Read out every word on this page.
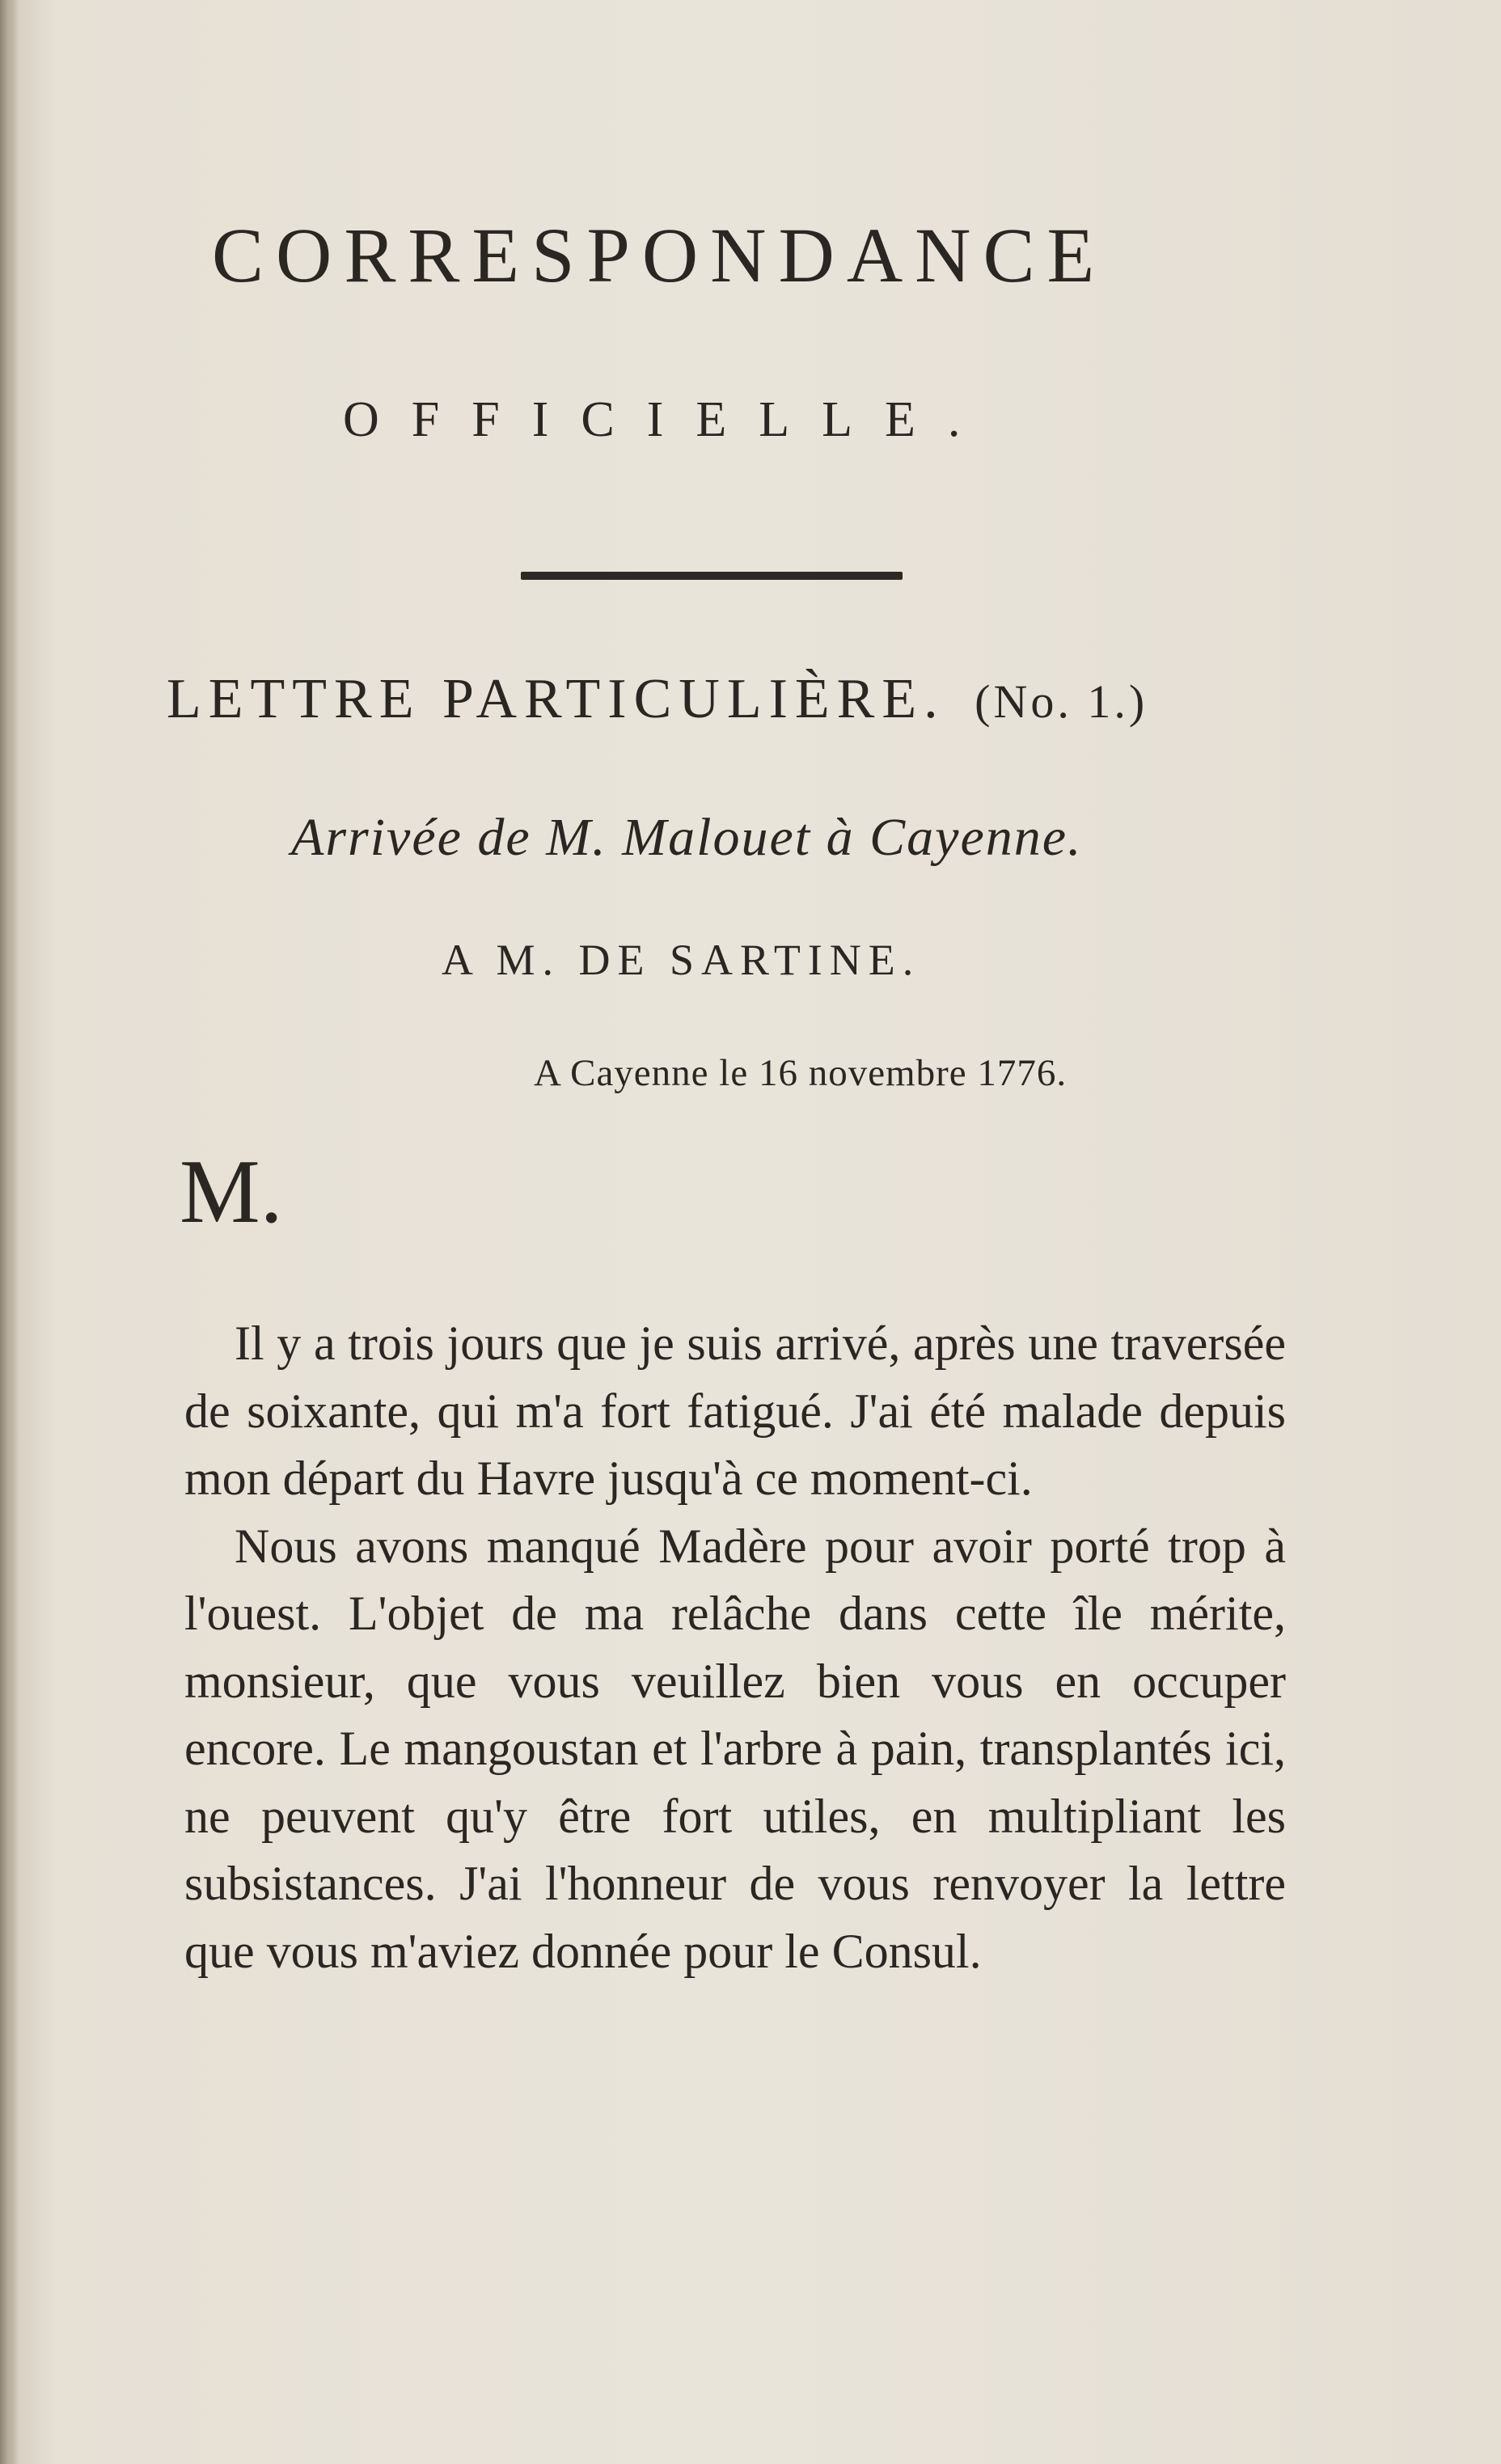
CORRESPONDANCE
OFFICIELLE.
LETTRE PARTICULIÈRE. (No. 1.)
Arrivée de M. Malouet à Cayenne.
A M. DE SARTINE.
A Cayenne le 16 novembre 1776.
M.

Il y a trois jours que je suis arrivé, après une traversée de soixante, qui m'a fort fatigué. J'ai été malade depuis mon départ du Havre jusqu'à ce moment-ci.

Nous avons manqué Madère pour avoir porté trop à l'ouest. L'objet de ma relâche dans cette île mérite, monsieur, que vous veuillez bien vous en occuper encore. Le mangoustan et l'arbre à pain, transplantés ici, ne peuvent qu'y être fort utiles, en multipliant les subsistances. J'ai l'honneur de vous renvoyer la lettre que vous m'aviez donnée pour le Consul.
